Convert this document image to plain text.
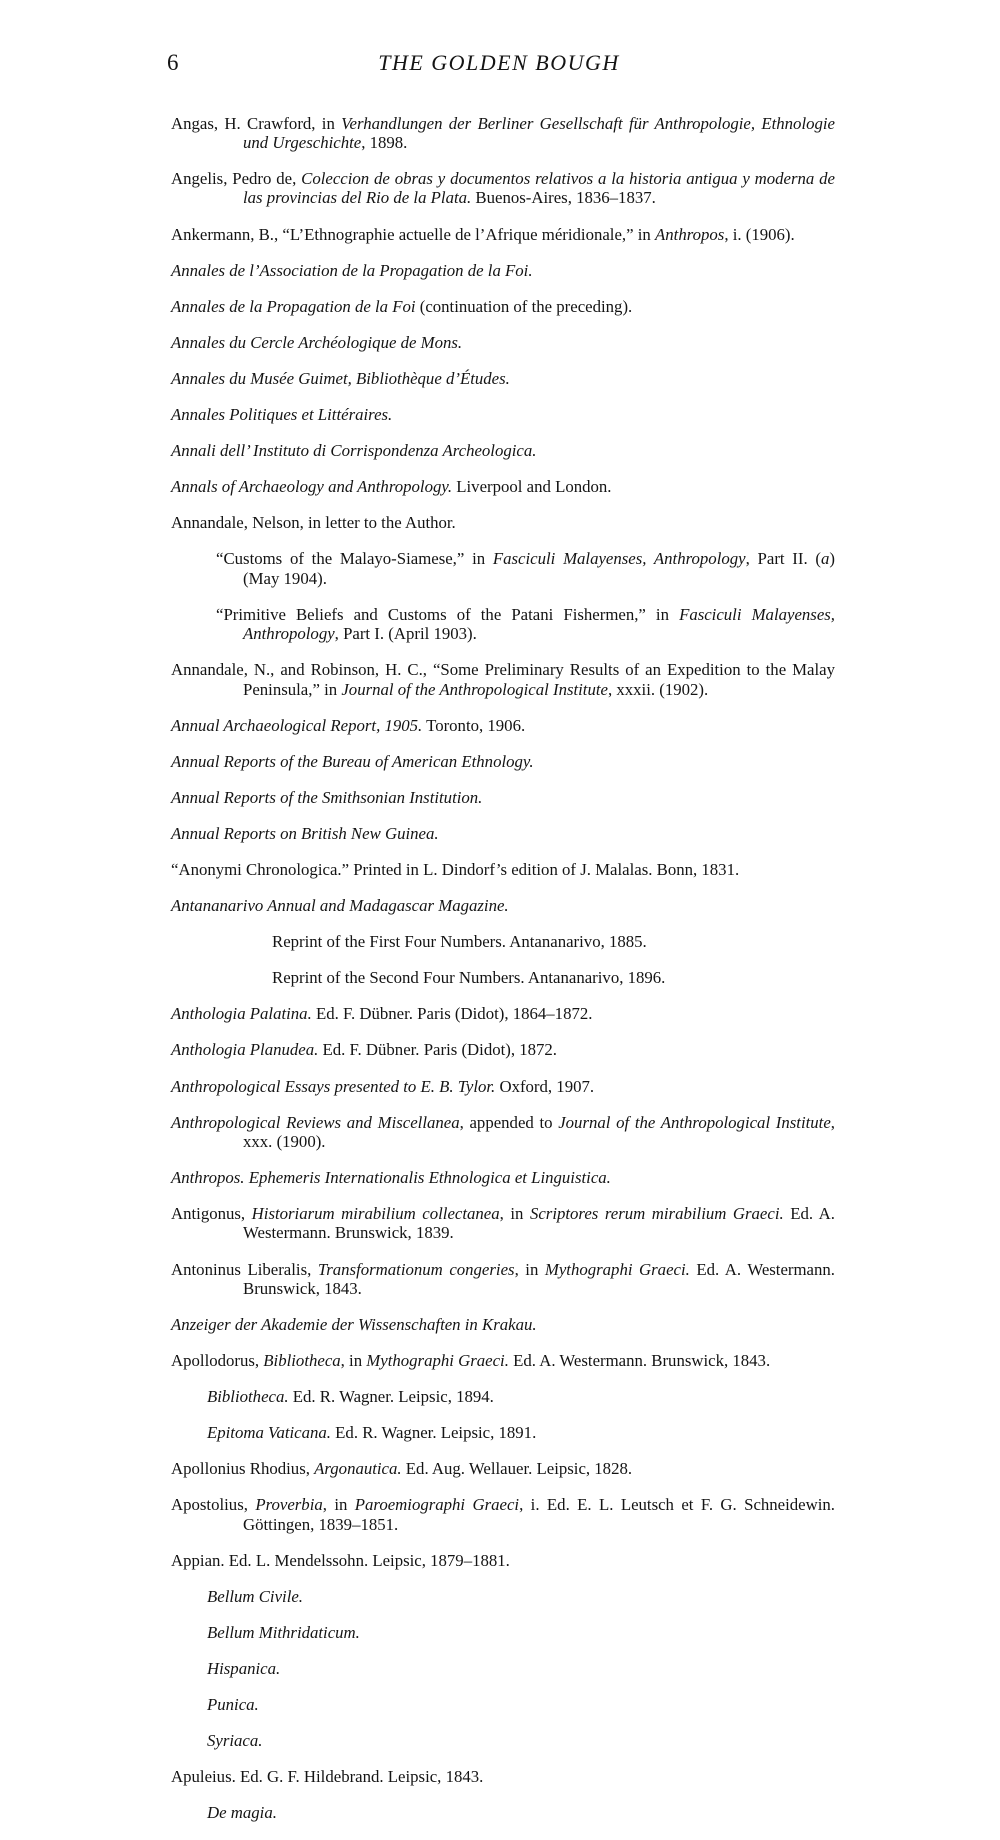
6	THE GOLDEN BOUGH

Angas, H. Crawford, in Verhandlungen der Berliner Gesellschaft für Anthropologie, Ethnologie und Urgeschichte, 1898.

Angelis, Pedro de, Coleccion de obras y documentos relativos a la historia antigua y moderna de las provincias del Rio de la Plata. Buenos-Aires, 1836–1837.

Ankermann, B., “L’Ethnographie actuelle de l’Afrique méridionale,” in Anthropos, i. (1906).

Annales de l’Association de la Propagation de la Foi.

Annales de la Propagation de la Foi (continuation of the preceding).

Annales du Cercle Archéologique de Mons.

Annales du Musée Guimet, Bibliothèque d’Études.

Annales Politiques et Littéraires.

Annali dell’ Instituto di Corrispondenza Archeologica.

Annals of Archaeology and Anthropology. Liverpool and London.

Annandale, Nelson, in letter to the Author.

“Customs of the Malayo-Siamese,” in Fasciculi Malayenses, Anthropology, Part II. (a) (May 1904).

“Primitive Beliefs and Customs of the Patani Fishermen,” in Fasciculi Malayenses, Anthropology, Part I. (April 1903).

Annandale, N., and Robinson, H. C., “Some Preliminary Results of an Expedition to the Malay Peninsula,” in Journal of the Anthropological Institute, xxxii. (1902).

Annual Archaeological Report, 1905. Toronto, 1906.

Annual Reports of the Bureau of American Ethnology.

Annual Reports of the Smithsonian Institution.

Annual Reports on British New Guinea.

“Anonymi Chronologica.” Printed in L. Dindorf’s edition of J. Malalas. Bonn, 1831.

Antananarivo Annual and Madagascar Magazine.

Reprint of the First Four Numbers. Antananarivo, 1885.

Reprint of the Second Four Numbers. Antananarivo, 1896.

Anthologia Palatina. Ed. F. Dübner. Paris (Didot), 1864–1872.

Anthologia Planudea. Ed. F. Dübner. Paris (Didot), 1872.

Anthropological Essays presented to E. B. Tylor. Oxford, 1907.

Anthropological Reviews and Miscellanea, appended to Journal of the Anthropological Institute, xxx. (1900).

Anthropos. Ephemeris Internationalis Ethnologica et Linguistica.

Antigonus, Historiarum mirabilium collectanea, in Scriptores rerum mirabilium Graeci. Ed. A. Westermann. Brunswick, 1839.

Antoninus Liberalis, Transformationum congeries, in Mythographi Graeci. Ed. A. Westermann. Brunswick, 1843.

Anzeiger der Akademie der Wissenschaften in Krakau.

Apollodorus, Bibliotheca, in Mythographi Graeci. Ed. A. Westermann. Brunswick, 1843.

Bibliotheca. Ed. R. Wagner. Leipsic, 1894.

Epitoma Vaticana. Ed. R. Wagner. Leipsic, 1891.

Apollonius Rhodius, Argonautica. Ed. Aug. Wellauer. Leipsic, 1828.

Apostolius, Proverbia, in Paroemiographi Graeci, i. Ed. E. L. Leutsch et F. G. Schneidewin. Göttingen, 1839–1851.

Appian. Ed. L. Mendelssohn. Leipsic, 1879–1881.

Bellum Civile.

Bellum Mithridaticum.

Hispanica.

Punica.

Syriaca.

Apuleius. Ed. G. F. Hildebrand. Leipsic, 1843.

De magia.
